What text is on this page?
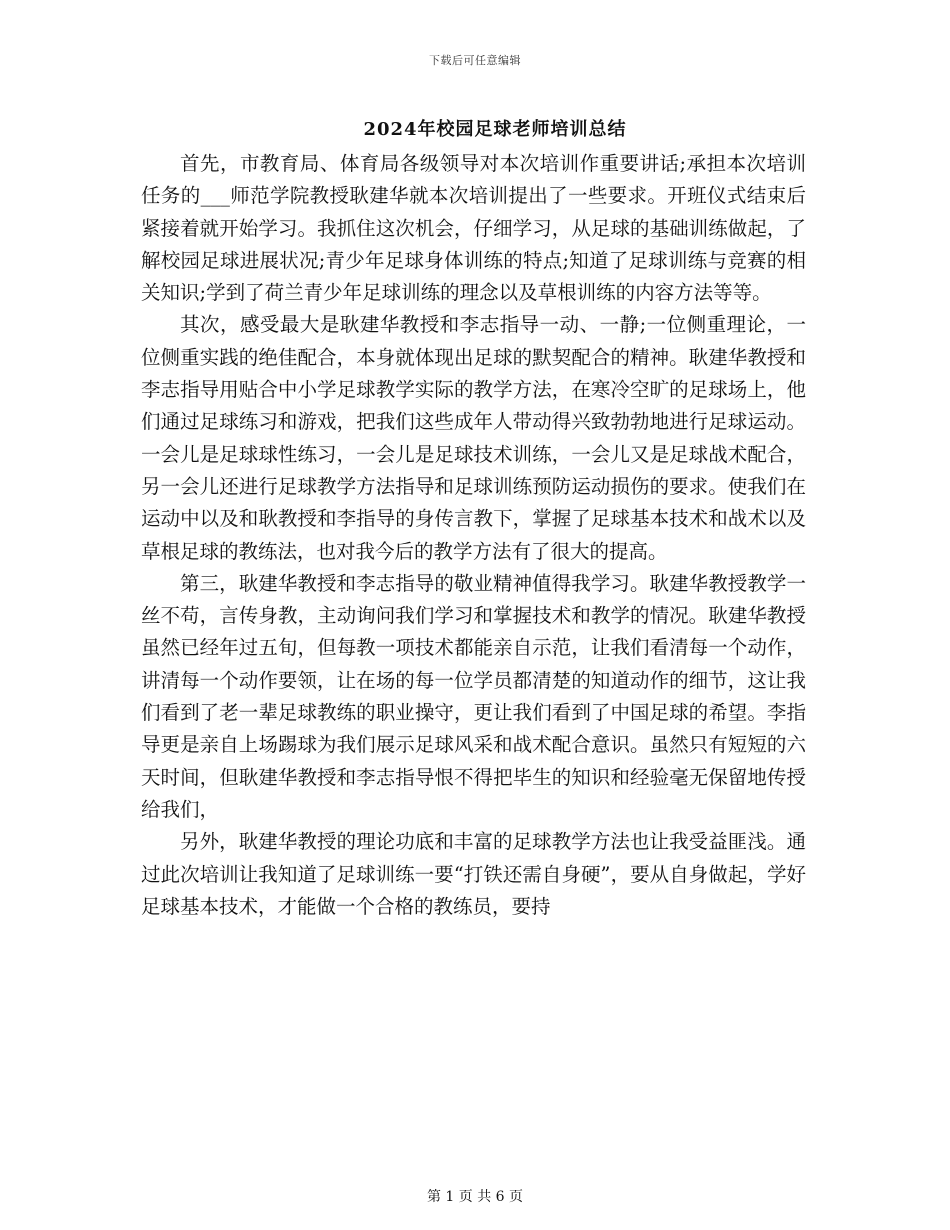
下载后可任意编辑
2024年校园足球老师培训总结

首先，市教育局、体育局各级领导对本次培训作重要讲话;承担本次培训任务的___师范学院教授耿建华就本次培训提出了一些要求。开班仪式结束后紧接着就开始学习。我抓住这次机会，仔细学习，从足球的基础训练做起，了解校园足球进展状况;青少年足球身体训练的特点;知道了足球训练与竞赛的相关知识;学到了荷兰青少年足球训练的理念以及草根训练的内容方法等等。

其次，感受最大是耿建华教授和李志指导一动、一静;一位侧重理论，一位侧重实践的绝佳配合，本身就体现出足球的默契配合的精神。耿建华教授和李志指导用贴合中小学足球教学实际的教学方法，在寒冷空旷的足球场上，他们通过足球练习和游戏，把我们这些成年人带动得兴致勃勃地进行足球运动。一会儿是足球球性练习，一会儿是足球技术训练，一会儿又是足球战术配合，另一会儿还进行足球教学方法指导和足球训练预防运动损伤的要求。使我们在运动中以及和耿教授和李指导的身传言教下，掌握了足球基本技术和战术以及草根足球的教练法，也对我今后的教学方法有了很大的提高。

第三，耿建华教授和李志指导的敬业精神值得我学习。耿建华教授教学一丝不苟，言传身教，主动询问我们学习和掌握技术和教学的情况。耿建华教授虽然已经年过五旬，但每教一项技术都能亲自示范，让我们看清每一个动作，讲清每一个动作要领，让在场的每一位学员都清楚的知道动作的细节，这让我们看到了老一辈足球教练的职业操守，更让我们看到了中国足球的希望。李指导更是亲自上场踢球为我们展示足球风采和战术配合意识。虽然只有短短的六天时间，但耿建华教授和李志指导恨不得把毕生的知识和经验毫无保留地传授给我们，

另外，耿建华教授的理论功底和丰富的足球教学方法也让我受益匪浅。通过此次培训让我知道了足球训练一要“打铁还需自身硬”，要从自身做起，学好足球基本技术，才能做一个合格的教练员，要持

第 1 页 共 6 页
